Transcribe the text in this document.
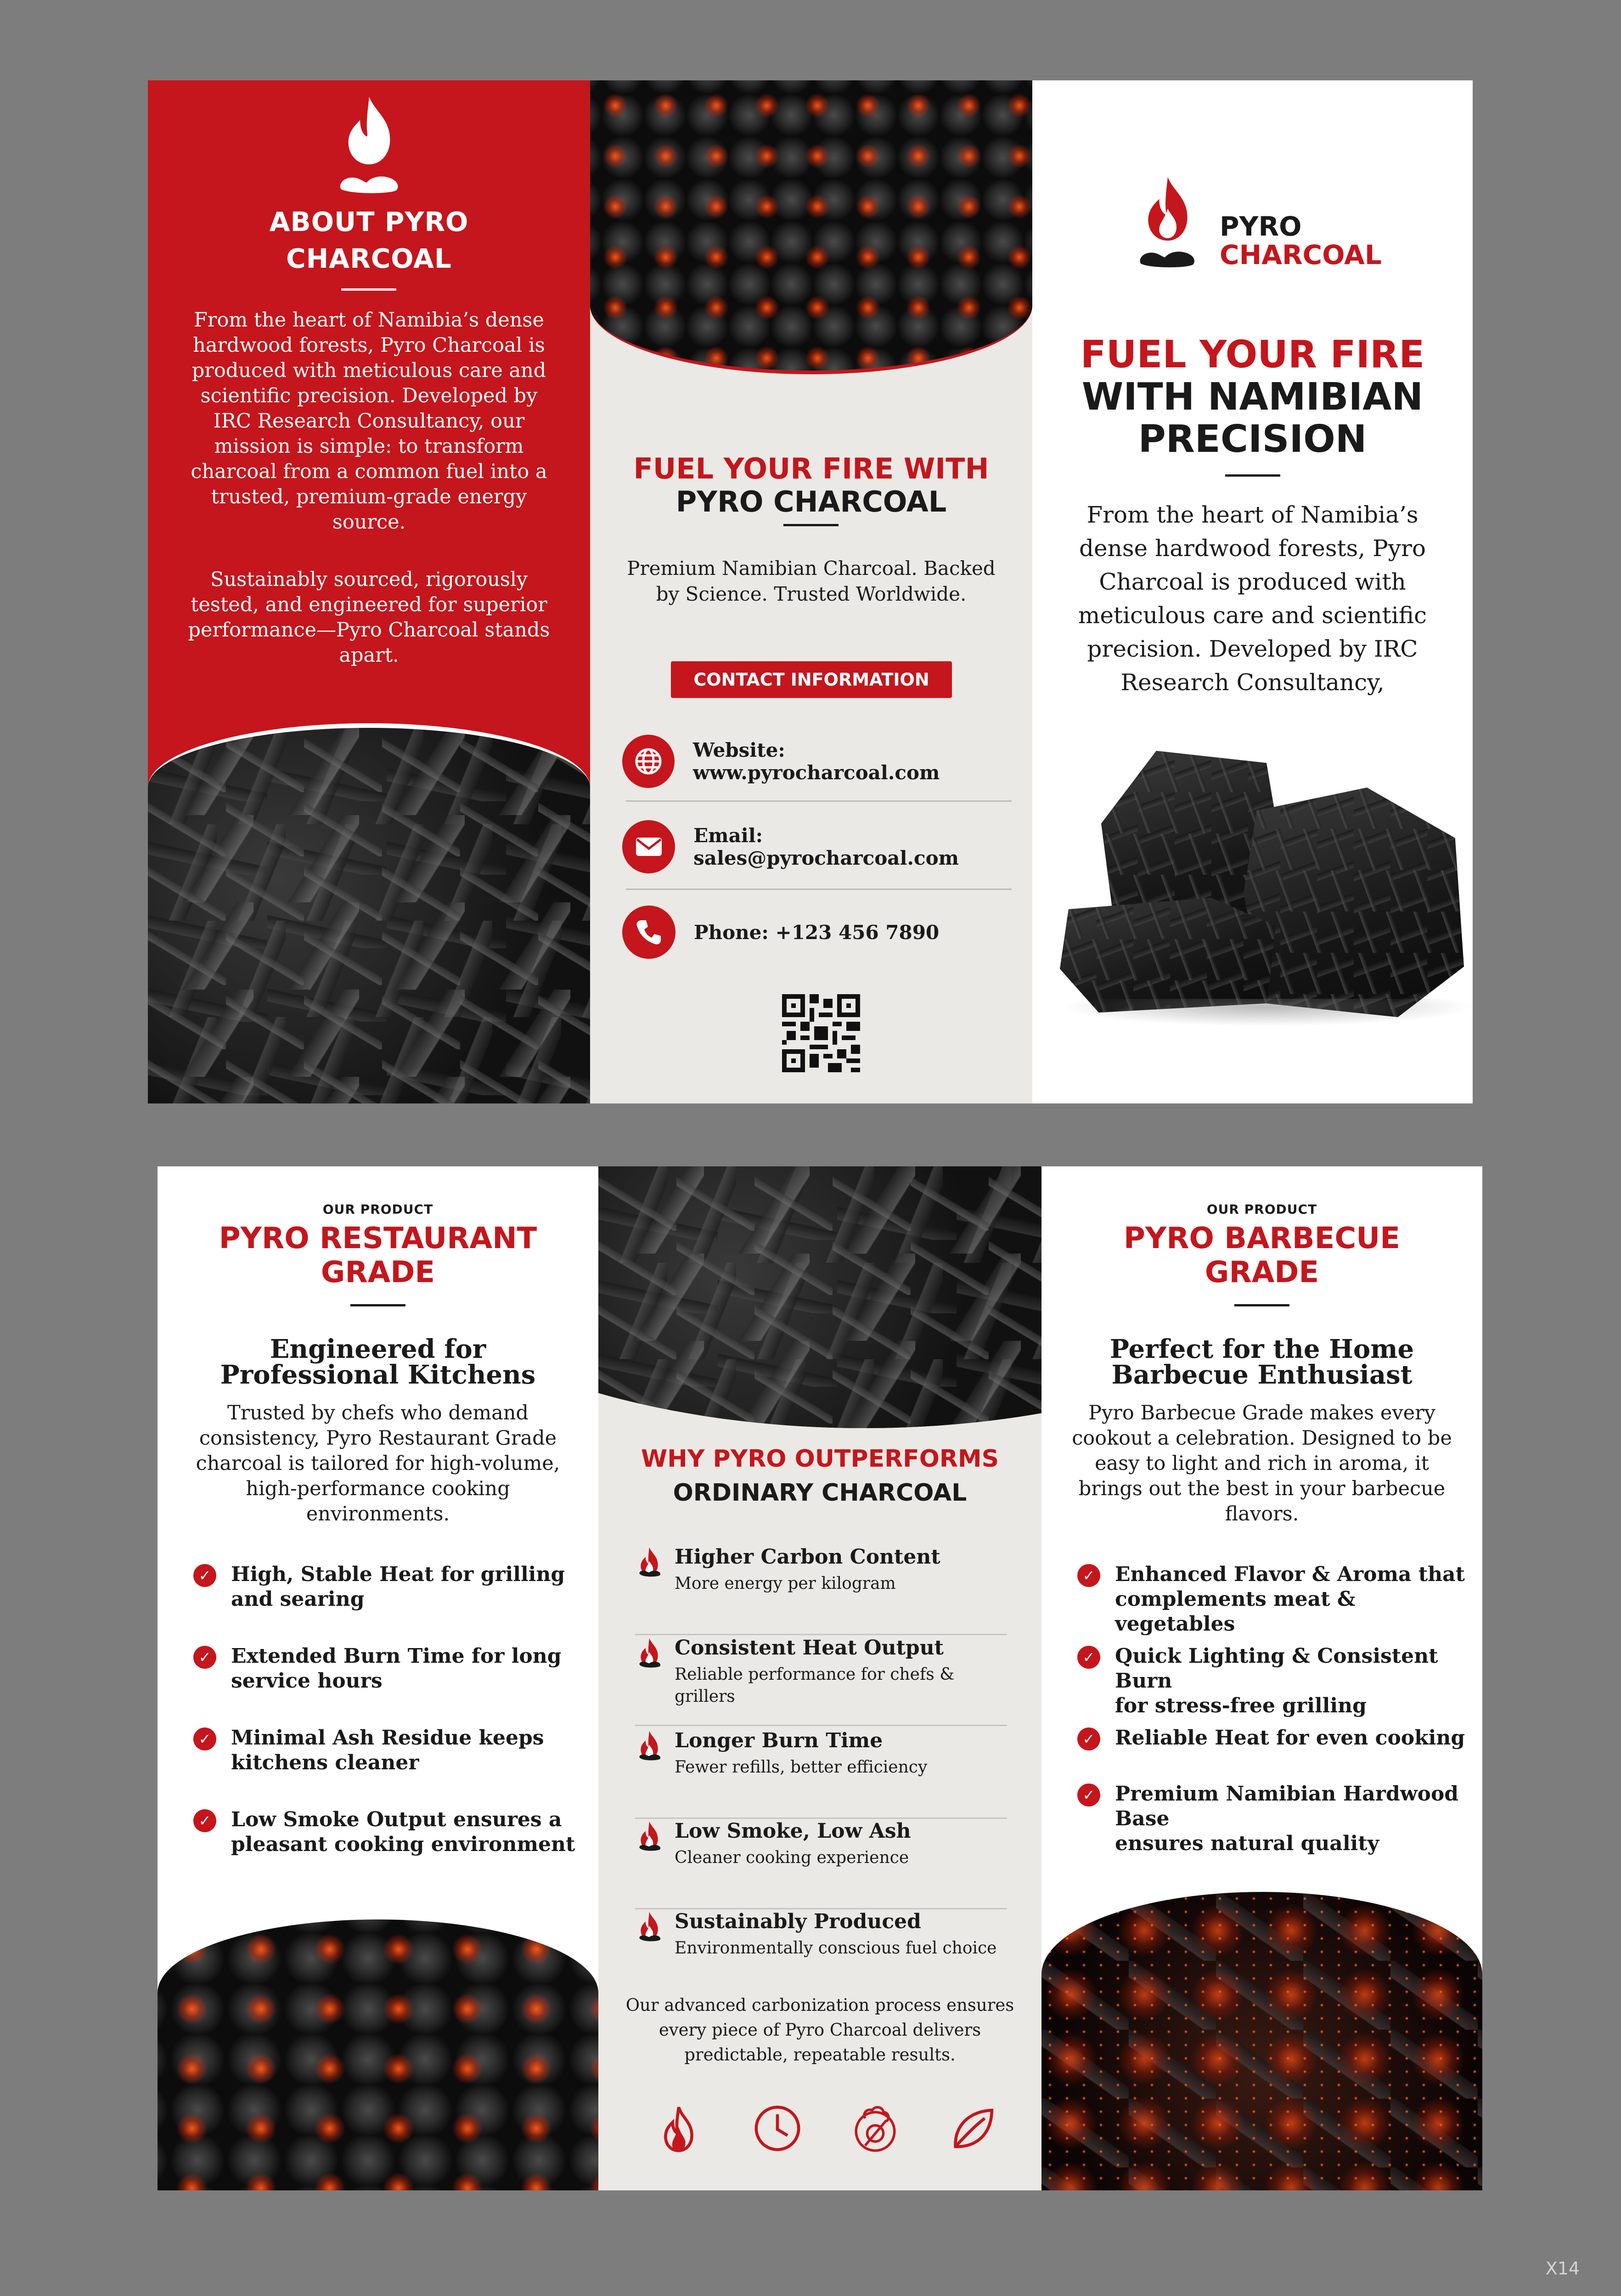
ABOUT PYRO
CHARCOAL
From the heart of Namibia’s dense
hardwood forests, Pyro Charcoal is
produced with meticulous care and
scientific precision. Developed by
IRC Research Consultancy, our
mission is simple: to transform
charcoal from a common fuel into a
trusted, premium-grade energy
source.
Sustainably sourced, rigorously
tested, and engineered for superior
performance—Pyro Charcoal stands
apart.
FUEL YOUR FIRE WITH
PYRO CHARCOAL
Premium Namibian Charcoal. Backed
by Science. Trusted Worldwide.
CONTACT INFORMATION
Website: www.pyrocharcoal.com
Email: sales@pyrocharcoal.com
Phone: +123 456 7890
PYRO
CHARCOAL
FUEL YOUR FIRE
WITH NAMIBIAN
PRECISION
From the heart of Namibia’s
dense hardwood forests, Pyro
Charcoal is produced with
meticulous care and scientific
precision. Developed by IRC
Research Consultancy,
OUR PRODUCT
PYRO RESTAURANT
GRADE
Engineered for
Professional Kitchens
Trusted by chefs who demand
consistency, Pyro Restaurant Grade
charcoal is tailored for high-volume,
high-performance cooking
environments.
✓ High, Stable Heat for grilling
and searing
✓ Extended Burn Time for long
service hours
✓ Minimal Ash Residue keeps
kitchens cleaner
✓ Low Smoke Output ensures a
pleasant cooking environment
WHY PYRO OUTPERFORMS
ORDINARY CHARCOAL
Higher Carbon Content
More energy per kilogram
Consistent Heat Output
Reliable performance for chefs & grillers
Longer Burn Time
Fewer refills, better efficiency
Low Smoke, Low Ash
Cleaner cooking experience
Sustainably Produced
Environmentally conscious fuel choice
Our advanced carbonization process ensures
every piece of Pyro Charcoal delivers
predictable, repeatable results.
OUR PRODUCT
PYRO BARBECUE
GRADE
Perfect for the Home
Barbecue Enthusiast
Pyro Barbecue Grade makes every
cookout a celebration. Designed to be
easy to light and rich in aroma, it
brings out the best in your barbecue
flavors.
✓ Enhanced Flavor & Aroma that
complements meat & vegetables
✓ Quick Lighting & Consistent Burn
for stress-free grilling
✓ Reliable Heat for even cooking
✓ Premium Namibian Hardwood Base
ensures natural quality
X14
